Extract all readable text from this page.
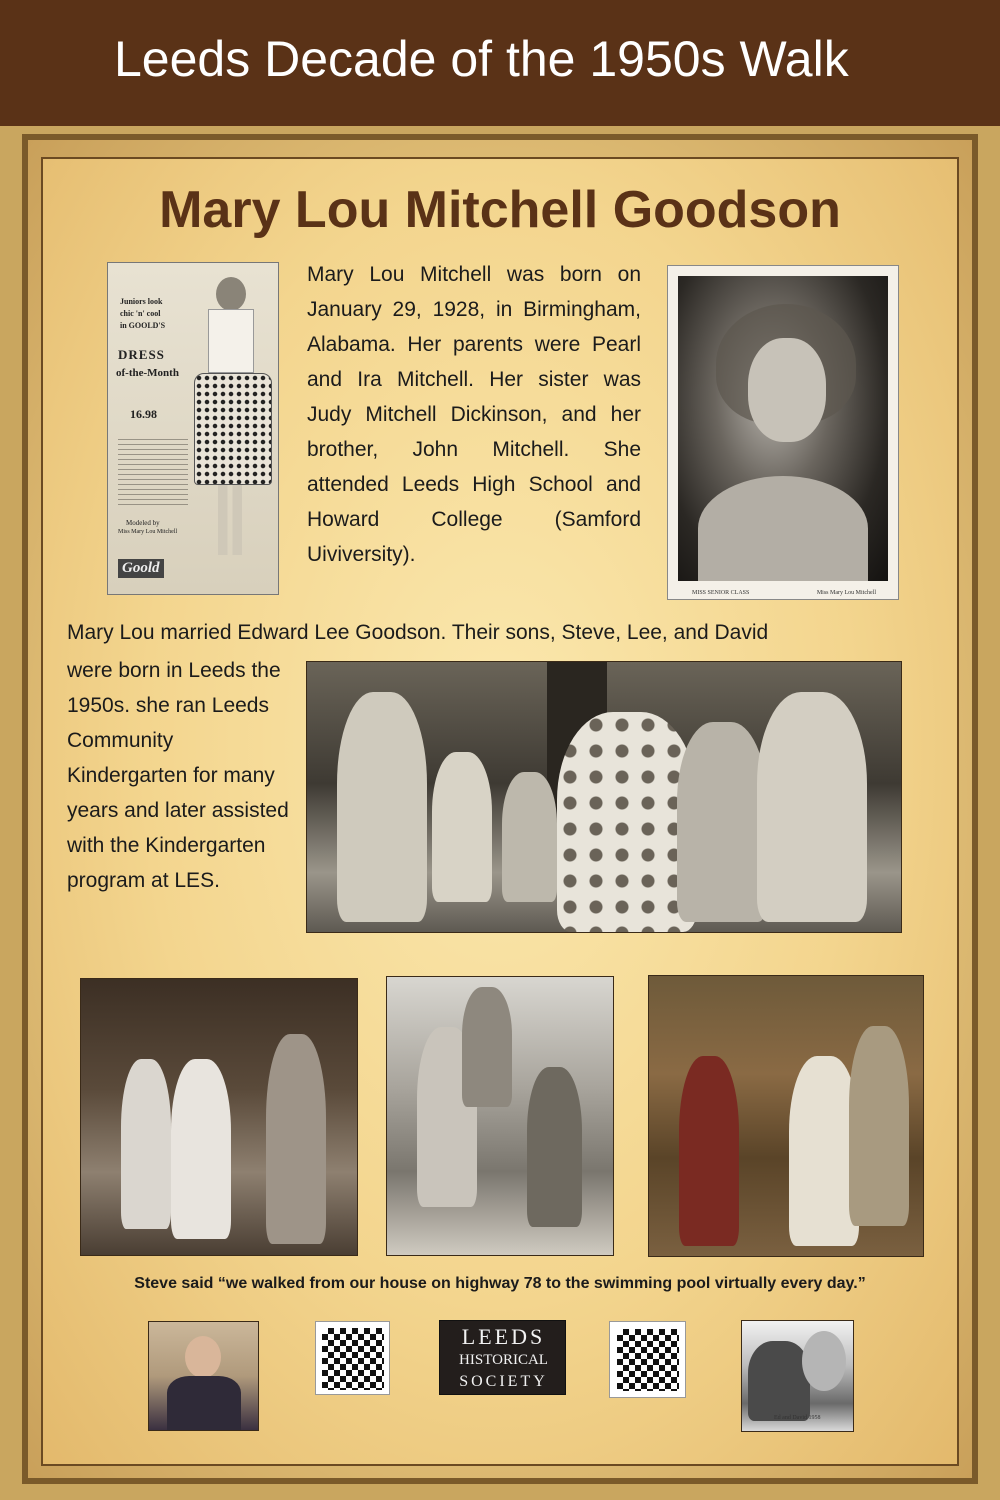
Leeds Decade of the 1950s Walk
Mary Lou Mitchell Goodson
Juniors look
chic 'n' cool
in GOOLD'S
DRESS
of-the-Month
16.98
Modeled by
Miss Mary Lou Mitchell
Goold
Mary Lou Mitchell was born on January 29, 1928, in Birmingham, Alabama. Her parents were Pearl and Ira Mitchell. Her sister was Judy Mitchell Dickinson, and her brother, John Mitchell. She attended Leeds High School and Howard College (Samford Uiviversity).
MISS SENIOR CLASS	Miss Mary Lou Mitchell
Mary Lou married Edward Lee Goodson. Their sons, Steve, Lee, and David
were born in Leeds the 1950s. she ran Leeds Community Kindergarten for many years and later assisted with the Kindergarten program at LES.
Steve said “we walked from our house on highway 78 to the swimming pool virtually every day.”
LEEDS
HISTORICAL
SOCIETY
Ed and David 1958
